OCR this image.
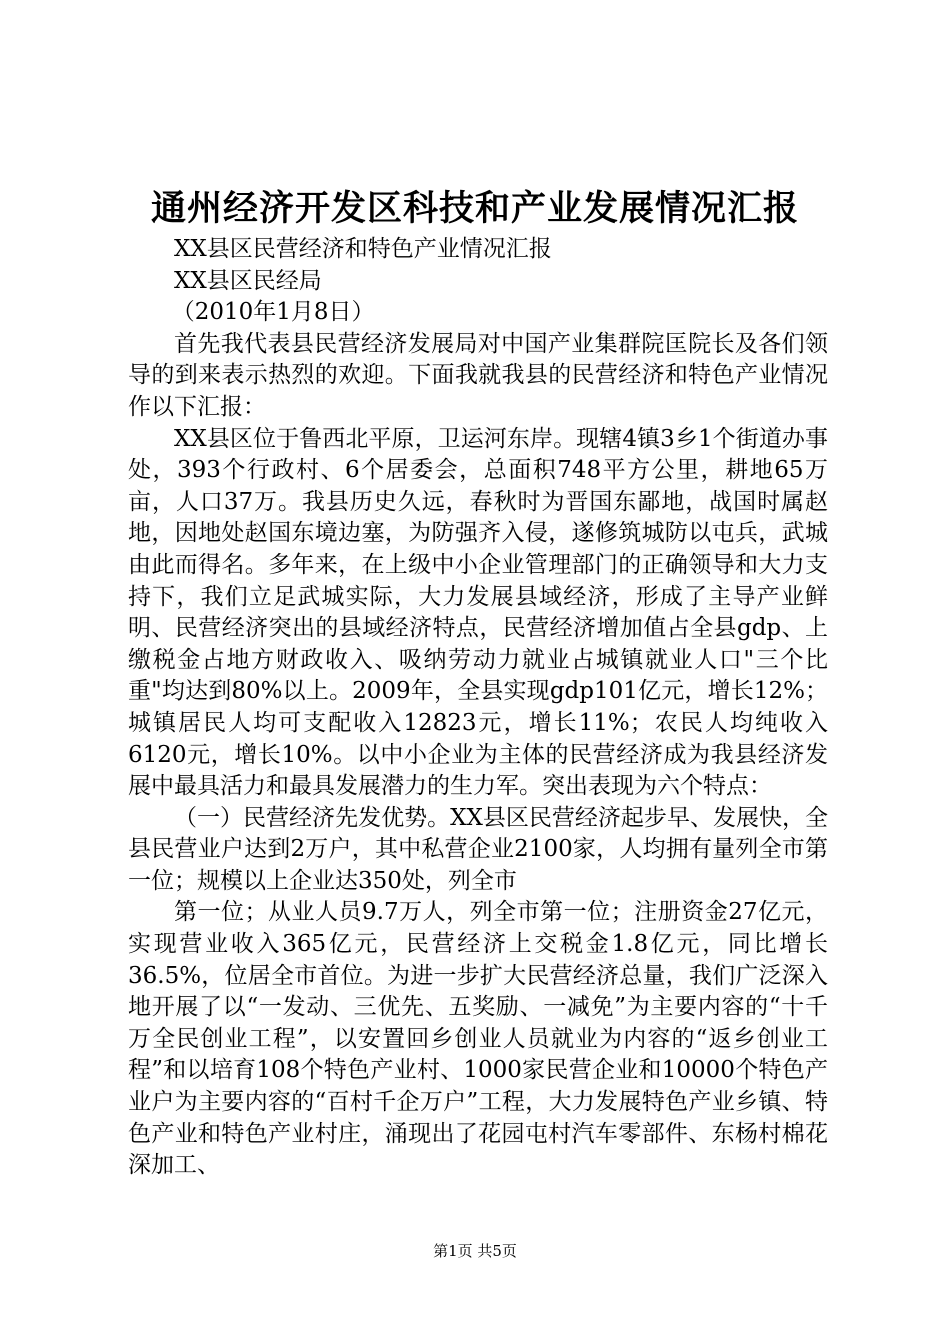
通州经济开发区科技和产业发展情况汇报

XX县区民营经济和特色产业情况汇报

XX县区民经局

（2010年1月8日）

首先我代表县民营经济发展局对中国产业集群院匡院长及各们领导的到来表示热烈的欢迎。下面我就我县的民营经济和特色产业情况作以下汇报：

XX县区位于鲁西北平原，卫运河东岸。现辖4镇3乡1个街道办事处，393个行政村、6个居委会，总面积748平方公里，耕地65万亩，人口37万。我县历史久远，春秋时为晋国东鄙地，战国时属赵地，因地处赵国东境边塞，为防强齐入侵，遂修筑城防以屯兵，武城由此而得名。多年来，在上级中小企业管理部门的正确领导和大力支持下，我们立足武城实际，大力发展县域经济，形成了主导产业鲜明、民营经济突出的县域经济特点，民营经济增加值占全县gdp、上缴税金占地方财政收入、吸纳劳动力就业占城镇就业人口"三个比重"均达到80%以上。2009年，全县实现gdp101亿元，增长12%；城镇居民人均可支配收入12823元，增长11%；农民人均纯收入6120元，增长10%。以中小企业为主体的民营经济成为我县经济发展中最具活力和最具发展潜力的生力军。突出表现为六个特点：

（一）民营经济先发优势。XX县区民营经济起步早、发展快，全县民营业户达到2万户，其中私营企业2100家，人均拥有量列全市第一位；规模以上企业达350处，列全市

第一位；从业人员9.7万人，列全市第一位；注册资金27亿元，实现营业收入365亿元，民营经济上交税金1.8亿元，同比增长36.5%，位居全市首位。为进一步扩大民营经济总量，我们广泛深入地开展了以“一发动、三优先、五奖励、一减免”为主要内容的“十千万全民创业工程”，以安置回乡创业人员就业为内容的“返乡创业工程”和以培育108个特色产业村、1000家民营企业和10000个特色产业户为主要内容的“百村千企万户”工程，大力发展特色产业乡镇、特色产业和特色产业村庄，涌现出了花园屯村汽车零部件、东杨村棉花深加工、

第1页 共5页
